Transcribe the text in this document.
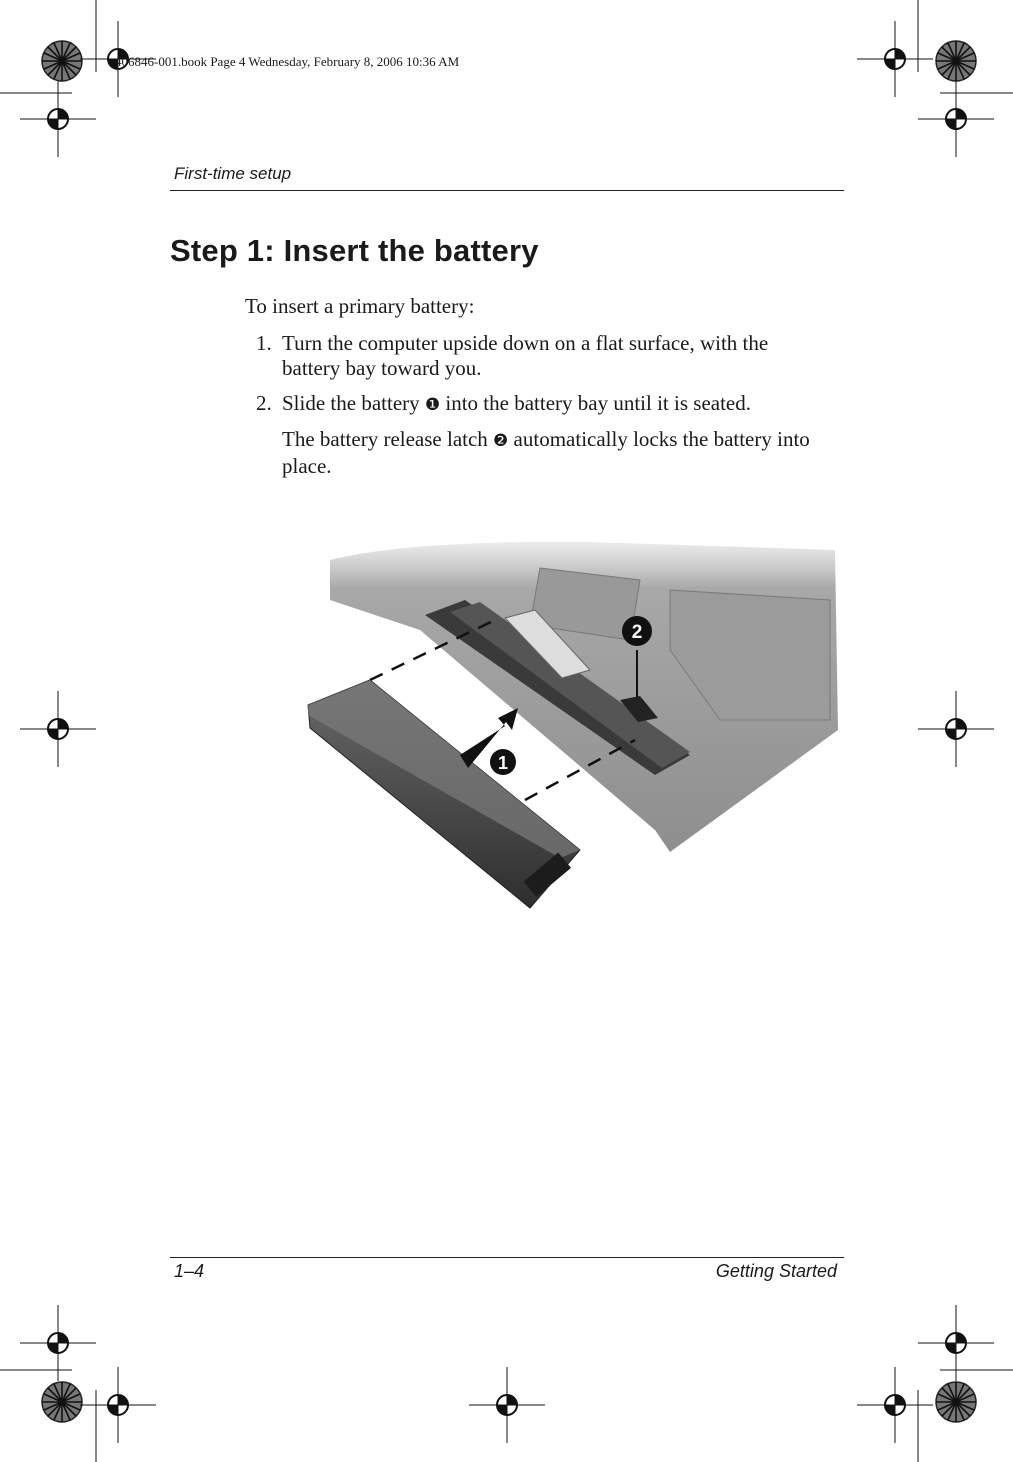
406846-001.book Page 4 Wednesday, February 8, 2006 10:36 AM
First-time setup
Step 1: Insert the battery
To insert a primary battery:
1. Turn the computer upside down on a flat surface, with the battery bay toward you.
2. Slide the battery ❶ into the battery bay until it is seated.
The battery release latch ❷ automatically locks the battery into place.
1
2
1–4	Getting Started
